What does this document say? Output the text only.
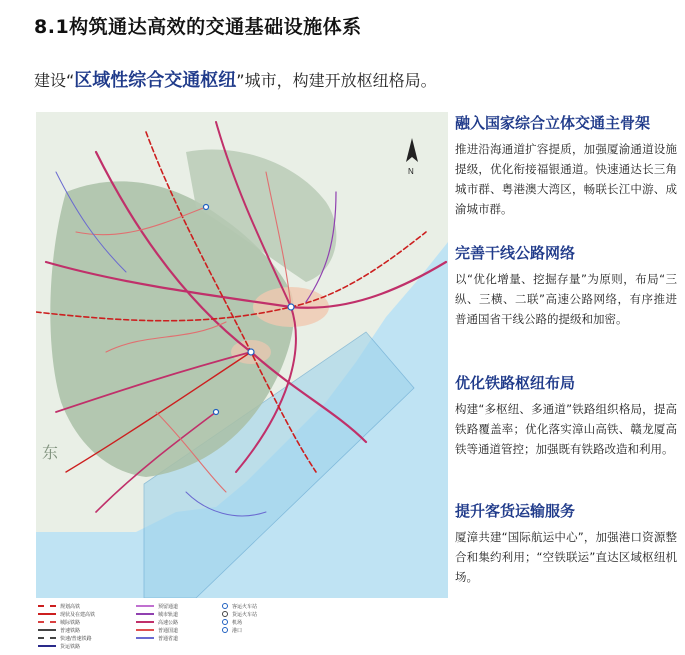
8.1构筑通达高效的交通基础设施体系
建设“区域性综合交通枢纽”城市，构建开放枢纽格局。
N
东
规划高铁
现状及在建高铁
城际铁路
普速铁路
快速/普速铁路
货运铁路
预留通道
城市轨道
高速公路
普通国道
普通省道
客运火车站
货运火车站
机场
港口
融入国家综合立体交通主骨架

推进沿海通道扩容提质，加强厦渝通道设施提级，优化衔接福银通道。快速通达长三角城市群、粤港澳大湾区，畅联长江中游、成渝城市群。

完善干线公路网络

以“优化增量、挖掘存量”为原则，布局“三纵、三横、二联”高速公路网络，有序推进普通国省干线公路的提级和加密。

优化铁路枢纽布局

构建“多枢纽、多通道”铁路组织格局，提高铁路覆盖率；优化落实漳山高铁、赣龙厦高铁等通道管控；加强既有铁路改造和利用。

提升客货运输服务

厦漳共建“国际航运中心”，加强港口资源整合和集约利用；“空铁联运”直达区域枢纽机场。
